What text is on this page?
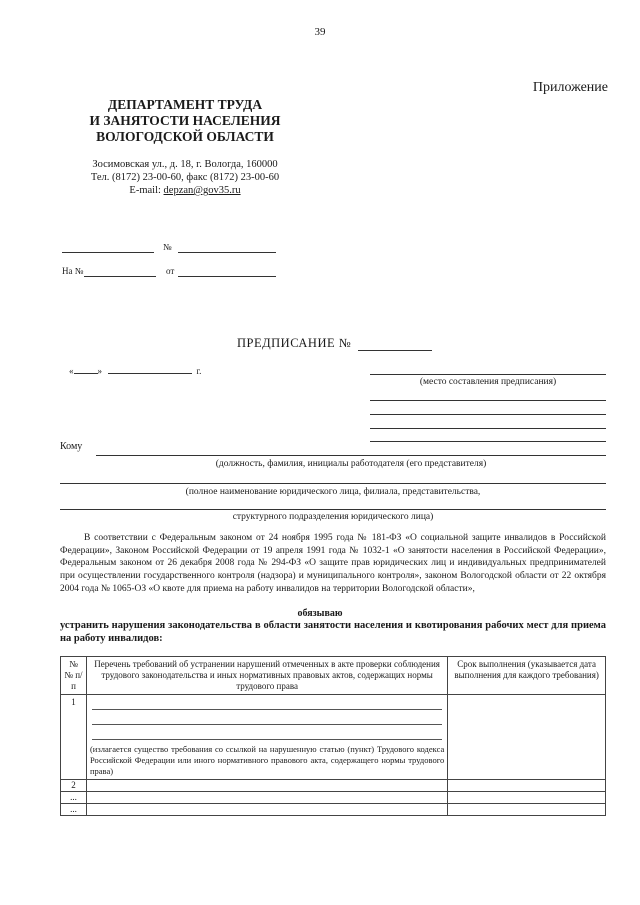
39
Приложение
ДЕПАРТАМЕНТ ТРУДА
И ЗАНЯТОСТИ НАСЕЛЕНИЯ
ВОЛОГОДСКОЙ ОБЛАСТИ
Зосимовская ул., д. 18, г. Вологда, 160000
Тел. (8172) 23-00-60, факс (8172) 23-00-60
E-mail: depzan@gov35.ru
№
На №	от
ПРЕДПИСАНИЕ №
«	»	г.
(место составления предписания)
Кому
(должность, фамилия, инициалы работодателя (его представителя)
(полное наименование юридического лица, филиала, представительства,
структурного подразделения юридического лица)
В соответствии с Федеральным законом от 24 ноября 1995 года № 181-ФЗ «О социальной защите инвалидов в Российской Федерации», Законом Российской Федерации от 19 апреля 1991 года № 1032-1 «О занятости населения в Российской Федерации», Федеральным законом от 26 декабря 2008 года № 294-ФЗ «О защите прав юридических лиц и индивидуальных предпринимателей при осуществлении государственного контроля (надзора) и муниципального контроля», законом Вологодской области от 22 октября 2004 года № 1065-ОЗ «О квоте для приема на работу инвалидов на территории Вологодской области»,
обязываю
устранить нарушения законодательства в области занятости населения и квотирования рабочих мест для приема на работу инвалидов:
№ № п/п	Перечень требований об устранении нарушений отмеченных в акте проверки соблюдения трудового законодательства и иных нормативных правовых актов, содержащих нормы трудового права	Срок выполнения (указывается дата выполнения для каждого требования)
1	(излагается существо требования со ссылкой на нарушенную статью (пункт) Трудового кодекса Российской Федерации или иного нормативного правового акта, содержащего нормы трудового права)	

2		
...		
...		
